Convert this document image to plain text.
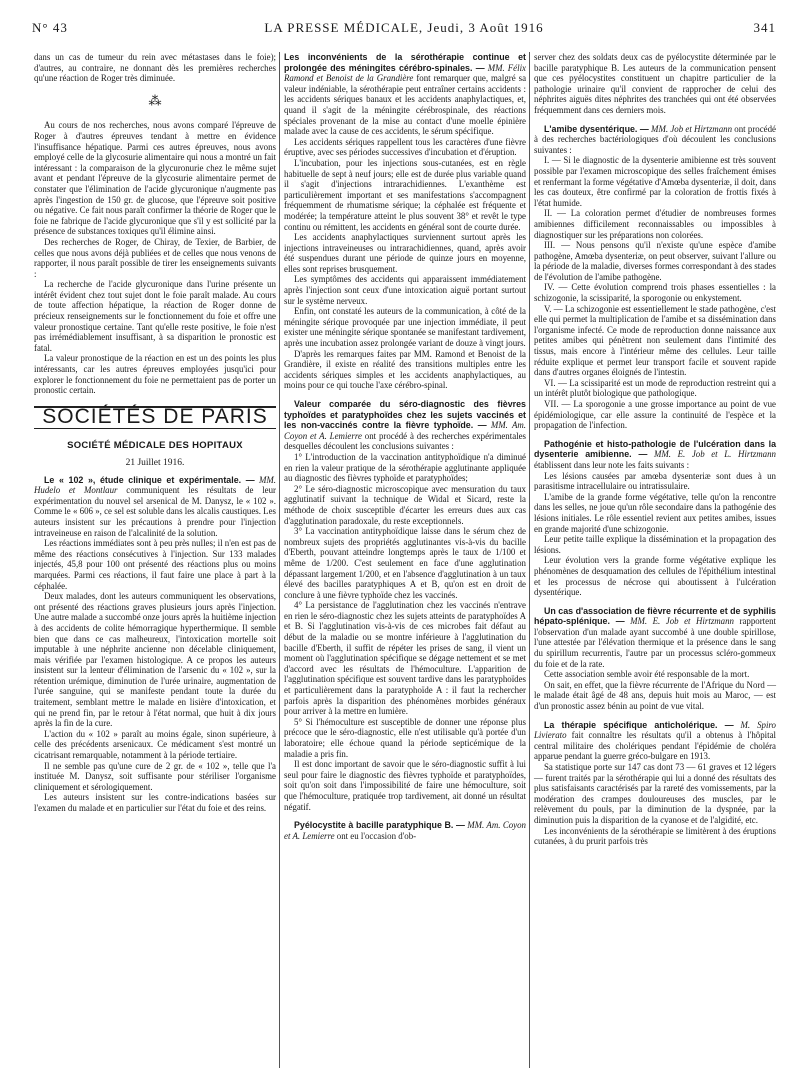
N° 43	LA PRESSE MÉDICALE, Jeudi, 3 Août 1916	341

dans un cas de tumeur du rein avec métastases dans le foie); d'autres, au contraire, ne donnant dès les premières recherches qu'une réaction de Roger très diminuée.

⁂

Au cours de nos recherches, nous avons comparé l'épreuve de Roger à d'autres épreuves tendant à mettre en évidence l'insuffisance hépatique. Parmi ces autres épreuves, nous avons employé celle de la glycosurie alimentaire qui nous a montré un fait intéressant : la comparaison de la glycuronurie chez le même sujet avant et pendant l'épreuve de la glycosurie alimentaire permet de constater que l'élimination de l'acide glycuronique n'augmente pas après l'ingestion de 150 gr. de glucose, que l'épreuve soit positive ou négative. Ce fait nous paraît confirmer la théorie de Roger que le foie ne fabrique de l'acide glycuronique que s'il y est sollicité par la présence de substances toxiques qu'il élimine ainsi.

Des recherches de Roger, de Chiray, de Texier, de Barbier, de celles que nous avons déjà publiées et de celles que nous venons de rapporter, il nous paraît possible de tirer les enseignements suivants :

La recherche de l'acide glycuronique dans l'urine présente un intérêt évident chez tout sujet dont le foie paraît malade. Au cours de toute affection hépatique, la réaction de Roger donne de précieux renseignements sur le fonctionnement du foie et offre une valeur pronostique certaine. Tant qu'elle reste positive, le foie n'est pas irrémédiablement insuffisant, à sa disparition le pronostic est fatal.

La valeur pronostique de la réaction en est un des points les plus intéressants, car les autres épreuves employées jusqu'ici pour explorer le fonctionnement du foie ne permettaient pas de porter un pronostic certain.

SOCIÉTÉS DE PARIS
SOCIÉTÉ MÉDICALE DES HOPITAUX
21 Juillet 1916.

Le « 102 », étude clinique et expérimentale. — MM. Hudelo et Montlaur communiquent les résultats de leur expérimentation du nouvel sel arsenical de M. Danysz, le « 102 ». Comme le « 606 », ce sel est soluble dans les alcalis caustiques. Les auteurs insistent sur les précautions à prendre pour l'injection intraveineuse en raison de l'alcalinité de la solution.

Les réactions immédiates sont à peu près nulles; il n'en est pas de même des réactions consécutives à l'injection. Sur 133 malades injectés, 45,8 pour 100 ont présenté des réactions plus ou moins marquées. Parmi ces réactions, il faut faire une place à part à la céphalée.

Deux malades, dont les auteurs communiquent les observations, ont présenté des réactions graves plusieurs jours après l'injection. Une autre malade a succombé onze jours après la huitième injection à des accidents de colite hémorragique hyperthermique. Il semble bien que dans ce cas malheureux, l'intoxication mortelle soit imputable à une néphrite ancienne non décelable cliniquement, mais vérifiée par l'examen histologique. A ce propos les auteurs insistent sur la lenteur d'élimination de l'arsenic du « 102 », sur la rétention urémique, diminution de l'urée urinaire, augmentation de l'urée sanguine, qui se manifeste pendant toute la durée du traitement, semblant mettre le malade en lisière d'intoxication, et qui ne prend fin, par le retour à l'état normal, que huit à dix jours après la fin de la cure.

L'action du « 102 » paraît au moins égale, sinon supérieure, à celle des précédents arsenicaux. Ce médicament s'est montré un cicatrisant remarquable, notamment à la période tertiaire.

Il ne semble pas qu'une cure de 2 gr. de « 102 », telle que l'a instituée M. Danysz, soit suffisante pour stériliser l'organisme cliniquement et sérologiquement.

Les auteurs insistent sur les contre-indications basées sur l'examen du malade et en particulier sur l'état du foie et des reins.

Les inconvénients de la sérothérapie continue et prolongée des méningites cérébro-spinales. — MM. Félix Ramond et Benoist de la Grandière font remarquer que, malgré sa valeur indéniable, la sérothérapie peut entraîner certains accidents : les accidents sériques banaux et les accidents anaphylactiques, et, quand il s'agit de la méningite cérébrospinale, des réactions spéciales provenant de la mise au contact d'une moelle épinière malade avec la cause de ces accidents, le sérum spécifique.

Les accidents sériques rappellent tous les caractères d'une fièvre éruptive, avec ses périodes successives d'incubation et d'éruption.

L'incubation, pour les injections sous-cutanées, est en règle habituelle de sept à neuf jours; elle est de durée plus variable quand il s'agit d'injections intrarachidiennes. L'exanthème est particulièrement important et ses manifestations s'accompagnent fréquemment de rhumatisme sérique; la céphalée est fréquente et modérée; la température atteint le plus souvent 38° et revêt le type continu ou rémittent, les accidents en général sont de courte durée.

Les accidents anaphylactiques surviennent surtout après les injections intraveineuses ou intrarachidiennes, quand, après avoir été suspendues durant une période de quinze jours en moyenne, elles sont reprises brusquement.

Les symptômes des accidents qui apparaissent immédiatement après l'injection sont ceux d'une intoxication aiguë portant surtout sur le système nerveux.

Enfin, ont constaté les auteurs de la communication, à côté de la méningite sérique provoquée par une injection immédiate, il peut exister une méningite sérique spontanée se manifestant tardivement, après une incubation assez prolongée variant de douze à vingt jours.

D'après les remarques faites par MM. Ramond et Benoist de la Grandière, il existe en réalité des transitions multiples entre les accidents sériques simples et les accidents anaphylactiques, au moins pour ce qui touche l'axe cérébro-spinal.

Valeur comparée du séro-diagnostic des fièvres typhoïdes et paratyphoïdes chez les sujets vaccinés et les non-vaccinés contre la fièvre typhoïde. — MM. Am. Coyon et A. Lemierre ont procédé à des recherches expérimentales desquelles découlent les conclusions suivantes :

1° L'introduction de la vaccination antityphoïdique n'a diminué en rien la valeur pratique de la sérothérapie agglutinante appliquée au diagnostic des fièvres typhoïde et paratyphoïdes;

2° Le séro-diagnostic microscopique avec mensuration du taux agglutinatif suivant la technique de Widal et Sicard, reste la méthode de choix susceptible d'écarter les erreurs dues aux cas d'agglutination paradoxale, du reste exceptionnels.

3° La vaccination antityphoïdique laisse dans le sérum chez de nombreux sujets des propriétés agglutinantes vis-à-vis du bacille d'Eberth, pouvant atteindre longtemps après le taux de 1/100 et même de 1/200. C'est seulement en face d'une agglutination dépassant largement 1/200, et en l'absence d'agglutination à un taux élevé des bacilles paratyphiques A et B, qu'on est en droit de conclure à une fièvre typhoïde chez les vaccinés.

4° La persistance de l'agglutination chez les vaccinés n'entrave en rien le séro-diagnostic chez les sujets atteints de paratyphoïdes A et B. Si l'agglutination vis-à-vis de ces microbes fait défaut au début de la maladie ou se montre inférieure à l'agglutination du bacille d'Eberth, il suffit de répéter les prises de sang, il vient un moment où l'agglutination spécifique se dégage nettement et se met d'accord avec les résultats de l'hémoculture. L'apparition de l'agglutination spécifique est souvent tardive dans les paratyphoïdes et particulièrement dans la paratyphoïde A : il faut la rechercher parfois après la disparition des phénomènes morbides généraux pour arriver à la mettre en lumière.

5° Si l'hémoculture est susceptible de donner une réponse plus précoce que le séro-diagnostic, elle n'est utilisable qu'à portée d'un laboratoire; elle échoue quand la période septicémique de la maladie a pris fin.

Il est donc important de savoir que le séro-diagnostic suffit à lui seul pour faire le diagnostic des fièvres typhoïde et paratyphoïdes, soit qu'on soit dans l'impossibilité de faire une hémoculture, soit que l'hémoculture, pratiquée trop tardivement, ait donné un résultat négatif.

Pyélocystite à bacille paratyphique B. — MM. Am. Coyon et A. Lemierre ont eu l'occasion d'ob-

server chez des soldats deux cas de pyélocystite déterminée par le bacille paratyphique B. Les auteurs de la communication pensent que ces pyélocystites constituent un chapitre particulier de la pathologie urinaire qu'il convient de rapprocher de celui des néphrites aiguës dites néphrites des tranchées qui ont été observées fréquemment dans ces derniers mois.

L'amibe dysentérique. — MM. Job et Hirtzmann ont procédé à des recherches bactériologiques d'où découlent les conclusions suivantes :

I. — Si le diagnostic de la dysenterie amibienne est très souvent possible par l'examen microscopique des selles fraîchement émises et renfermant la forme végétative d'Amœba dysenteriæ, il doit, dans les cas douteux, être confirmé par la coloration de frottis fixés à l'état humide.

II. — La coloration permet d'étudier de nombreuses formes amibiennes difficilement reconnaissables ou impossibles à diagnostiquer sur les préparations non colorées.

III. — Nous pensons qu'il n'existe qu'une espèce d'amibe pathogène, Amœba dysenteriæ, on peut observer, suivant l'allure ou la période de la maladie, diverses formes correspondant à des stades de l'évolution de l'amibe pathogène.

IV. — Cette évolution comprend trois phases essentielles : la schizogonie, la scissiparité, la sporogonie ou enkystement.

V. — La schizogonie est essentiellement le stade pathogène, c'est elle qui permet la multiplication de l'amibe et sa dissémination dans l'organisme infecté. Ce mode de reproduction donne naissance aux petites amibes qui pénètrent non seulement dans l'intimité des tissus, mais encore à l'intérieur même des cellules. Leur taille réduite explique et permet leur transport facile et souvent rapide dans d'autres organes éloignés de l'intestin.

VI. — La scissiparité est un mode de reproduction restreint qui a un intérêt plutôt biologique que pathologique.

VII. — La sporogonie a une grosse importance au point de vue épidémiologique, car elle assure la continuité de l'espèce et la propagation de l'infection.

Pathogénie et histo-pathologie de l'ulcération dans la dysenterie amibienne. — MM. E. Job et L. Hirtzmann établissent dans leur note les faits suivants :

Les lésions causées par amœba dysenteriæ sont dues à un parasitisme intracellulaire ou intratissulaire.

L'amibe de la grande forme végétative, telle qu'on la rencontre dans les selles, ne joue qu'un rôle secondaire dans la pathogénie des lésions initiales. Le rôle essentiel revient aux petites amibes, issues en grande majorité d'une schizogonie.

Leur petite taille explique la dissémination et la propagation des lésions.

Leur évolution vers la grande forme végétative explique les phénomènes de desquamation des cellules de l'épithélium intestinal et les processus de nécrose qui aboutissent à l'ulcération dysentérique.

Un cas d'association de fièvre récurrente et de syphilis hépato-splénique. — MM. E. Job et Hirtzmann rapportent l'observation d'un malade ayant succombé à une double spirillose, l'une attestée par l'élévation thermique et la présence dans le sang du spirillum recurrentis, l'autre par un processus scléro-gommeux du foie et de la rate.

Cette association semble avoir été responsable de la mort.

On sait, en effet, que la fièvre récurrente de l'Afrique du Nord — le malade était âgé de 48 ans, depuis huit mois au Maroc, — est d'un pronostic assez bénin au point de vue vital.

La thérapie spécifique anticholérique. — M. Spiro Livierato fait connaître les résultats qu'il a obtenus à l'hôpital central militaire des cholériques pendant l'épidémie de choléra apparue pendant la guerre gréco-bulgare en 1913.

Sa statistique porte sur 147 cas dont 73 — 61 graves et 12 légers — furent traités par la sérothérapie qui lui a donné des résultats des plus satisfaisants caractérisés par la rareté des vomissements, par la modération des crampes douloureuses des muscles, par le relèvement du pouls, par la diminution de la dyspnée, par la diminution puis la disparition de la cyanose et de l'algidité, etc.

Les inconvénients de la sérothérapie se limitèrent à des éruptions cutanées, à du prurit parfois très
